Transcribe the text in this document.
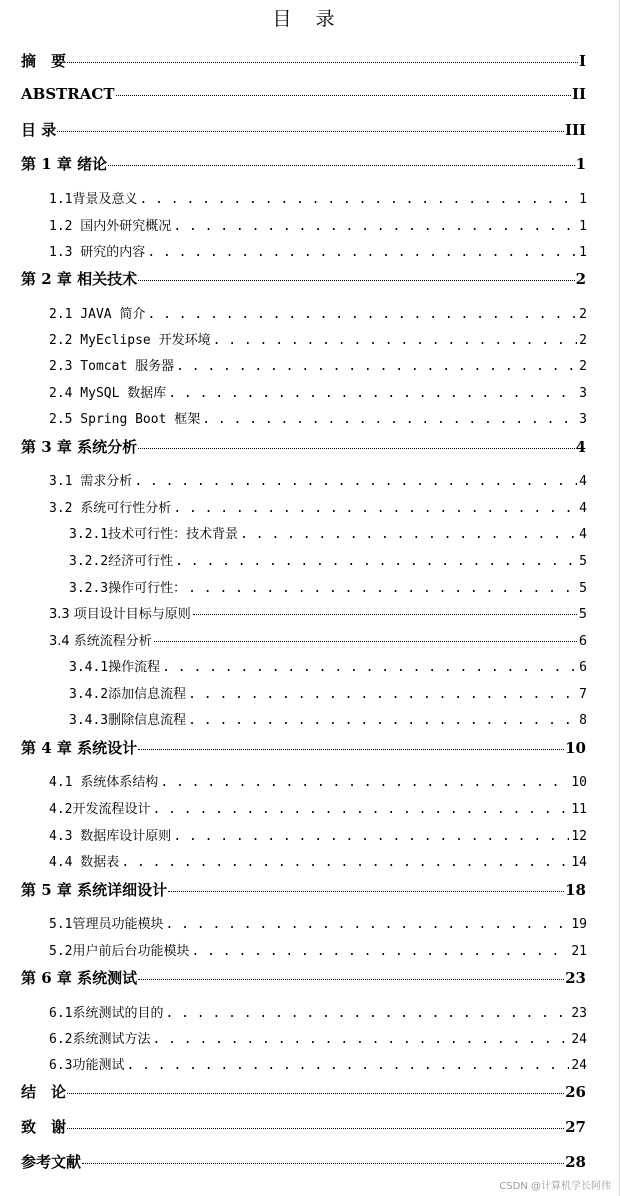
目 录
摘　要	I
ABSTRACT	II
目 录	III
第 1 章 绪论	1
1.1背景及意义 . . .	1
1.2 国内外研究概况 . . .	1
1.3 研究的内容 . . .	1
第 2 章 相关技术	2
2.1 JAVA 简介 . . .	2
2.2 MyEclipse 开发环境 . . .	2
2.3 Tomcat 服务器 . . .	2
2.4 MySQL 数据库 . . .	3
2.5 Spring Boot 框架 . . .	3
第 3 章 系统分析	4
3.1 需求分析 . . .	4
3.2 系统可行性分析 . . .	4
3.2.1技术可行性：技术背景 . . .	4
3.2.2经济可行性 . . .	5
3.2.3操作可行性： . . .	5
3.3 项目设计目标与原则	5
3.4 系统流程分析	6
3.4.1操作流程 . . .	6
3.4.2添加信息流程 . . .	7
3.4.3删除信息流程 . . .	8
第 4 章 系统设计	10
4.1 系统体系结构 . . .	10
4.2开发流程设计 . . .	11
4.3 数据库设计原则 . . .	12
4.4 数据表 . . .	14
第 5 章 系统详细设计	18
5.1管理员功能模块 . . .	19
5.2用户前后台功能模块 . . .	21
第 6 章 系统测试	23
6.1系统测试的目的 . . .	23
6.2系统测试方法 . . .	24
6.3功能测试 . . .	24
结　论	26
致　谢	27
参考文献	28
CSDN @计算机学长阿伟
